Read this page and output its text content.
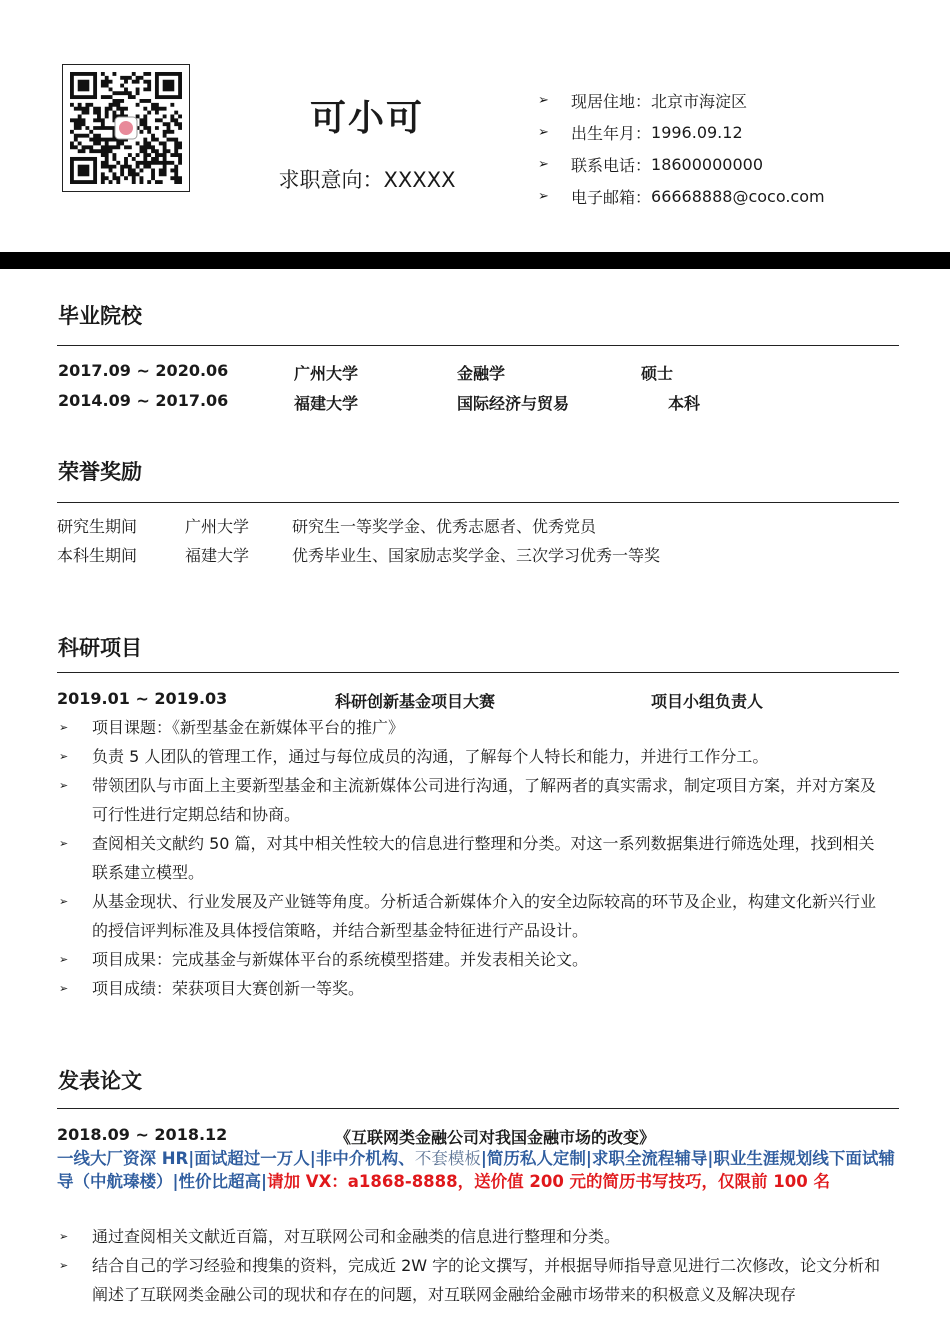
可小可
求职意向：XXXXX
➢	现居住地： 北京市海淀区
➢	出生年月： 1996.09.12
➢	联系电话： 18600000000
➢	电子邮箱： 66668888@coco.com
毕业院校
2017.09 ~ 2020.06	广州大学	金融学	硕士
2014.09 ~ 2017.06	福建大学	国际经济与贸易	本科
荣誉奖励
研究生期间	广州大学	研究生一等奖学金、优秀志愿者、优秀党员
本科生期间	福建大学	优秀毕业生、国家励志奖学金、三次学习优秀一等奖
科研项目
2019.01 ~ 2019.03	科研创新基金项目大赛	项目小组负责人
➢	项目课题：《新型基金在新媒体平台的推广》
➢	负责 5 人团队的管理工作，通过与每位成员的沟通，了解每个人特长和能力，并进行工作分工。
➢	带领团队与市面上主要新型基金和主流新媒体公司进行沟通，了解两者的真实需求，制定项目方案，并对方案及可行性进行定期总结和协商。
➢	查阅相关文献约 50 篇，对其中相关性较大的信息进行整理和分类。对这一系列数据集进行筛选处理，找到相关联系建立模型。
➢	从基金现状、行业发展及产业链等角度。分析适合新媒体介入的安全边际较高的环节及企业，构建文化新兴行业的授信评判标准及具体授信策略，并结合新型基金特征进行产品设计。
➢	项目成果：完成基金与新媒体平台的系统模型搭建。并发表相关论文。
➢	项目成绩：荣获项目大赛创新一等奖。
发表论文
2018.09 ~ 2018.12	《互联网类金融公司对我国金融市场的改变》
一线大厂资深 HR|面试超过一万人|非中介机构、不套模板|简历私人定制|求职全流程辅导|职业生涯规划线下面试辅导（中航瑧楼）|性价比超高|请加 VX：a1868-8888，送价值 200 元的简历书写技巧，仅限前 100 名
➢	通过查阅相关文献近百篇，对互联网公司和金融类的信息进行整理和分类。
➢	结合自己的学习经验和搜集的资料，完成近 2W 字的论文撰写，并根据导师指导意见进行二次修改，论文分析和阐述了互联网类金融公司的现状和存在的问题，对互联网金融给金融市场带来的积极意义及解决现存
